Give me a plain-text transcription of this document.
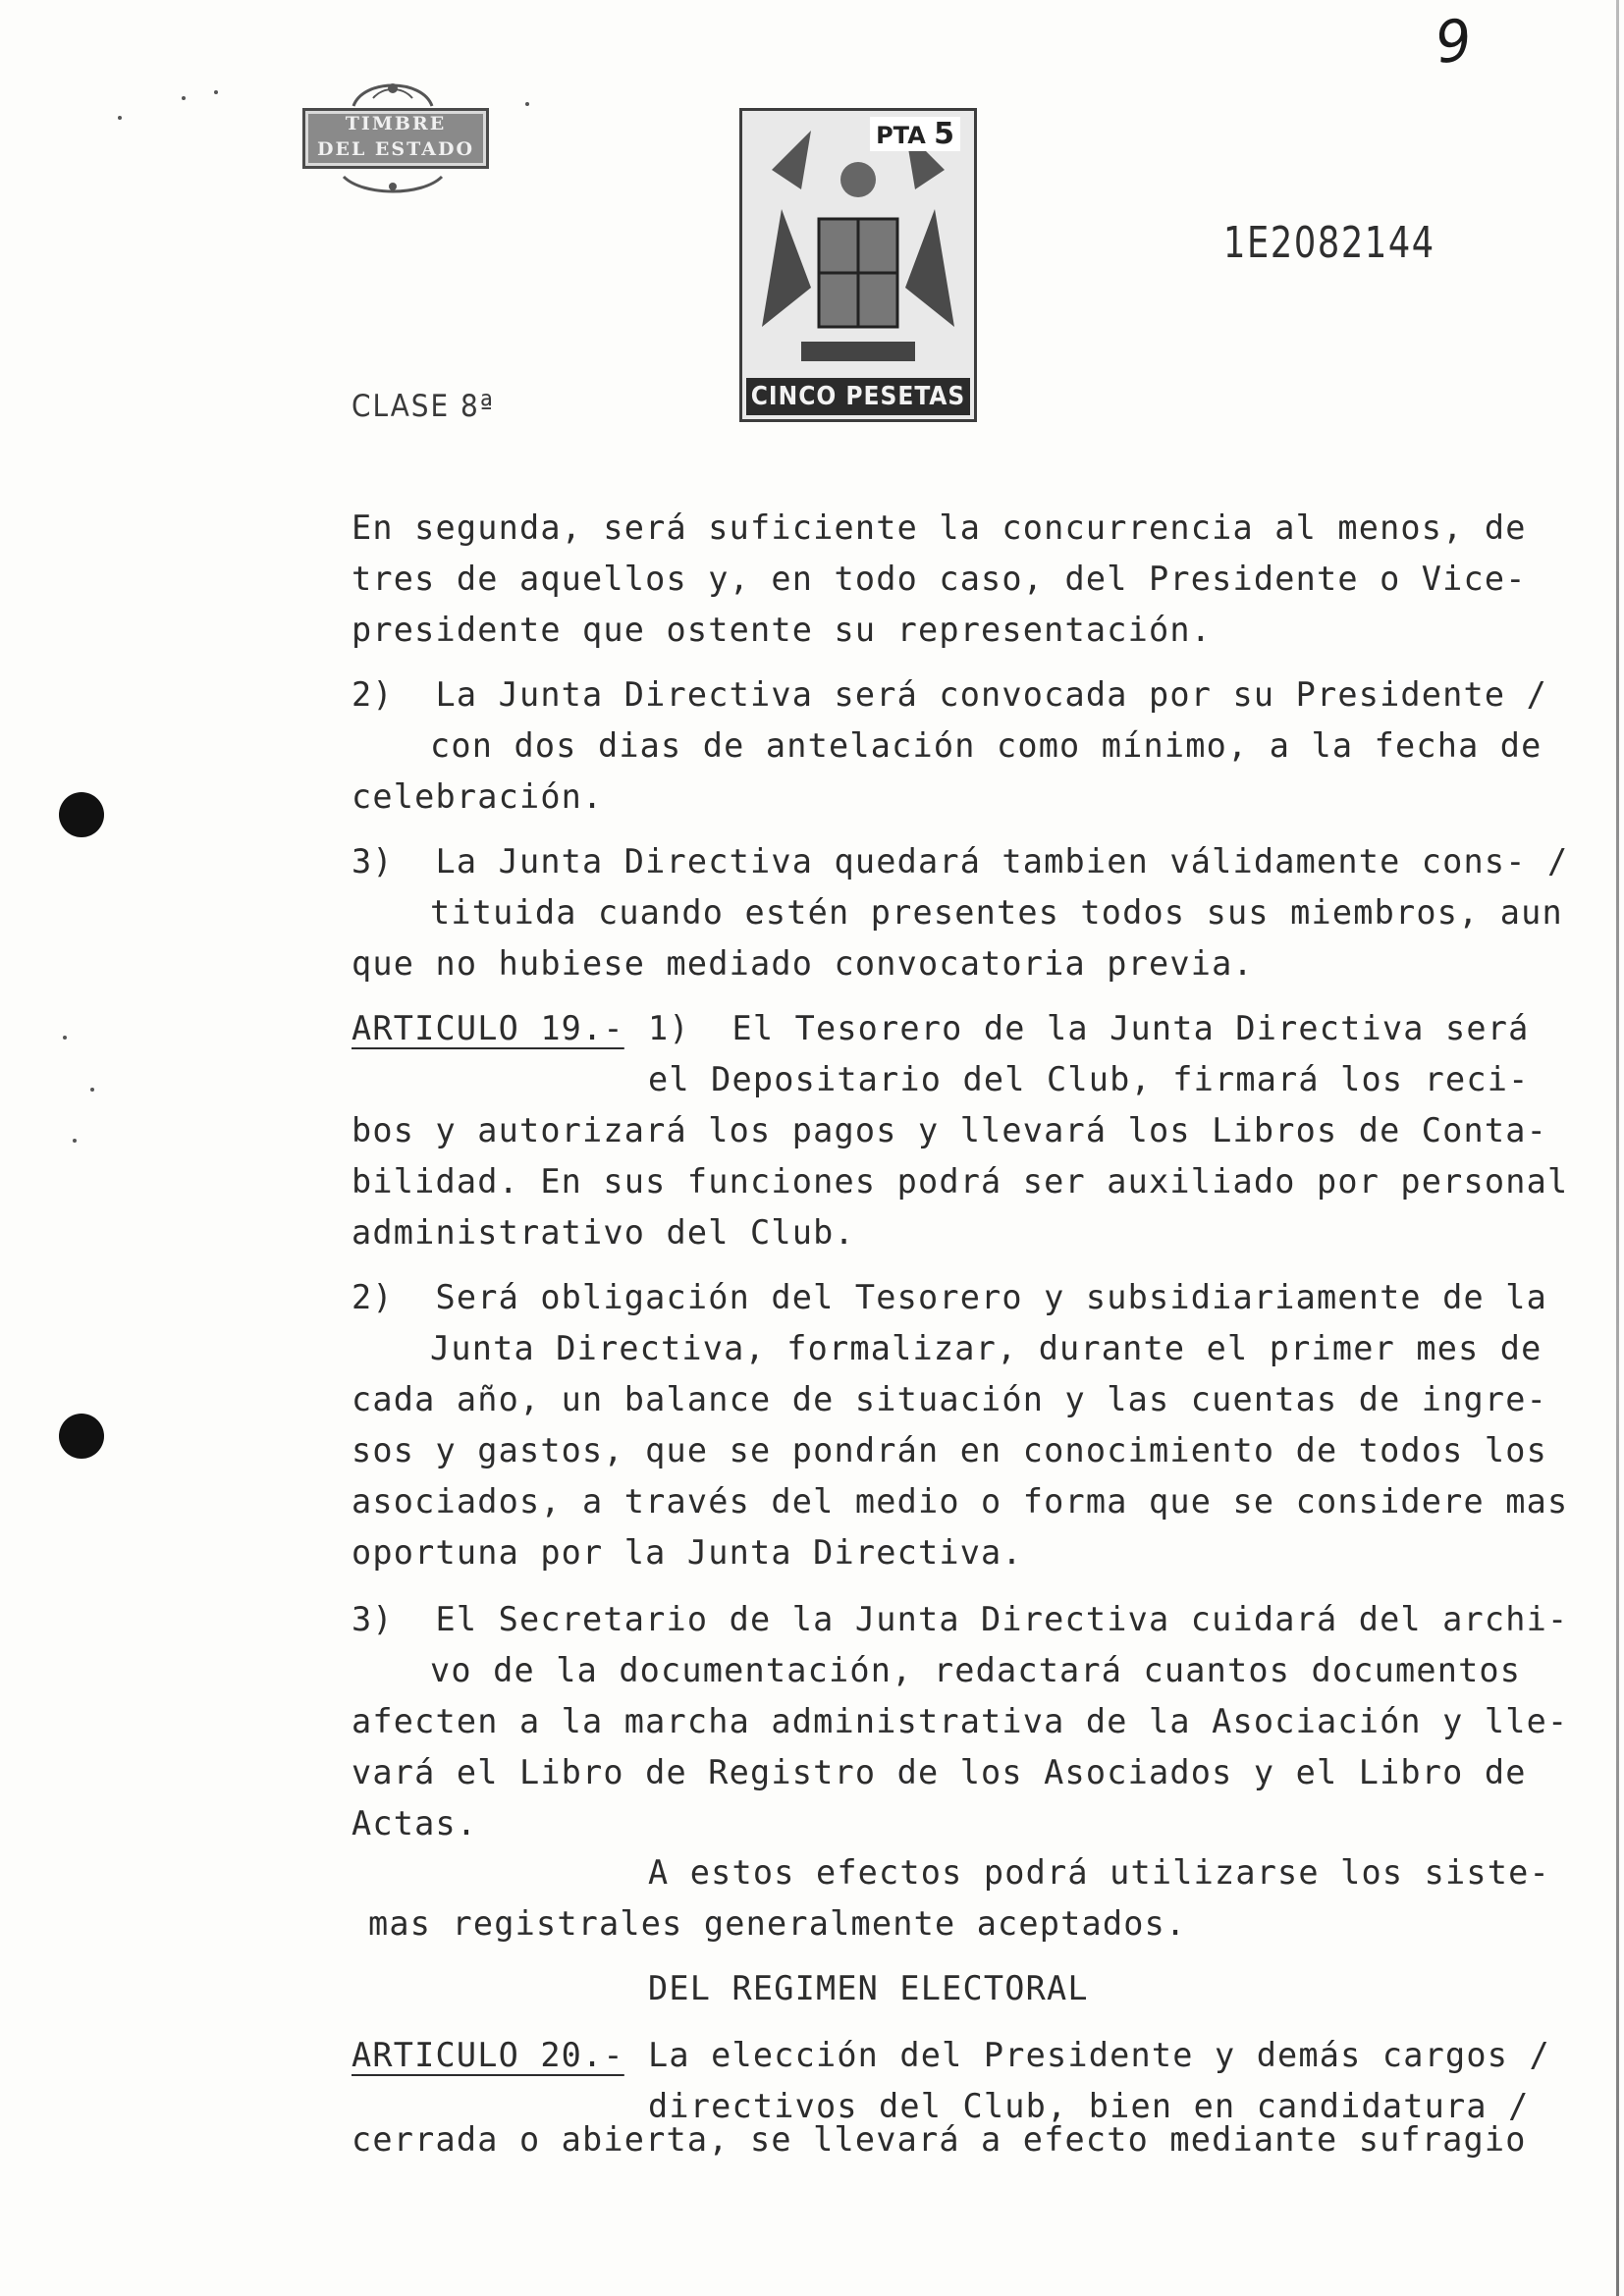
9
TIMBRE
DEL ESTADO	PTA 5
CINCO PESETAS
1E2082144
CLASE 8ª
En segunda, será suficiente la concurrencia al menos, de
tres de aquellos y, en todo caso, del Presidente o Vice-
presidente que ostente su representación.
2)  La Junta Directiva será convocada por su Presidente /
con dos dias de antelación como mínimo, a la fecha de
celebración.
3)  La Junta Directiva quedará tambien válidamente cons- /
tituida cuando estén presentes todos sus miembros, aun
que no hubiese mediado convocatoria previa.
ARTICULO 19.- 1)  El Tesorero de la Junta Directiva será
el Depositario del Club, firmará los reci-
bos y autorizará los pagos y llevará los Libros de Conta-
bilidad. En sus funciones podrá ser auxiliado por personal
administrativo del Club.
2)  Será obligación del Tesorero y subsidiariamente de la
Junta Directiva, formalizar, durante el primer mes de
cada año, un balance de situación y las cuentas de ingre-
sos y gastos, que se pondrán en conocimiento de todos los
asociados, a través del medio o forma que se considere mas
oportuna por la Junta Directiva.
3)  El Secretario de la Junta Directiva cuidará del archi-
vo de la documentación, redactará cuantos documentos
afecten a la marcha administrativa de la Asociación y lle-
vará el Libro de Registro de los Asociados y el Libro de
Actas.
A estos efectos podrá utilizarse los siste-
mas registrales generalmente aceptados.
DEL REGIMEN ELECTORAL
ARTICULO 20.- La elección del Presidente y demás cargos /
directivos del Club, bien en candidatura /
cerrada o abierta, se llevará a efecto mediante sufragio
